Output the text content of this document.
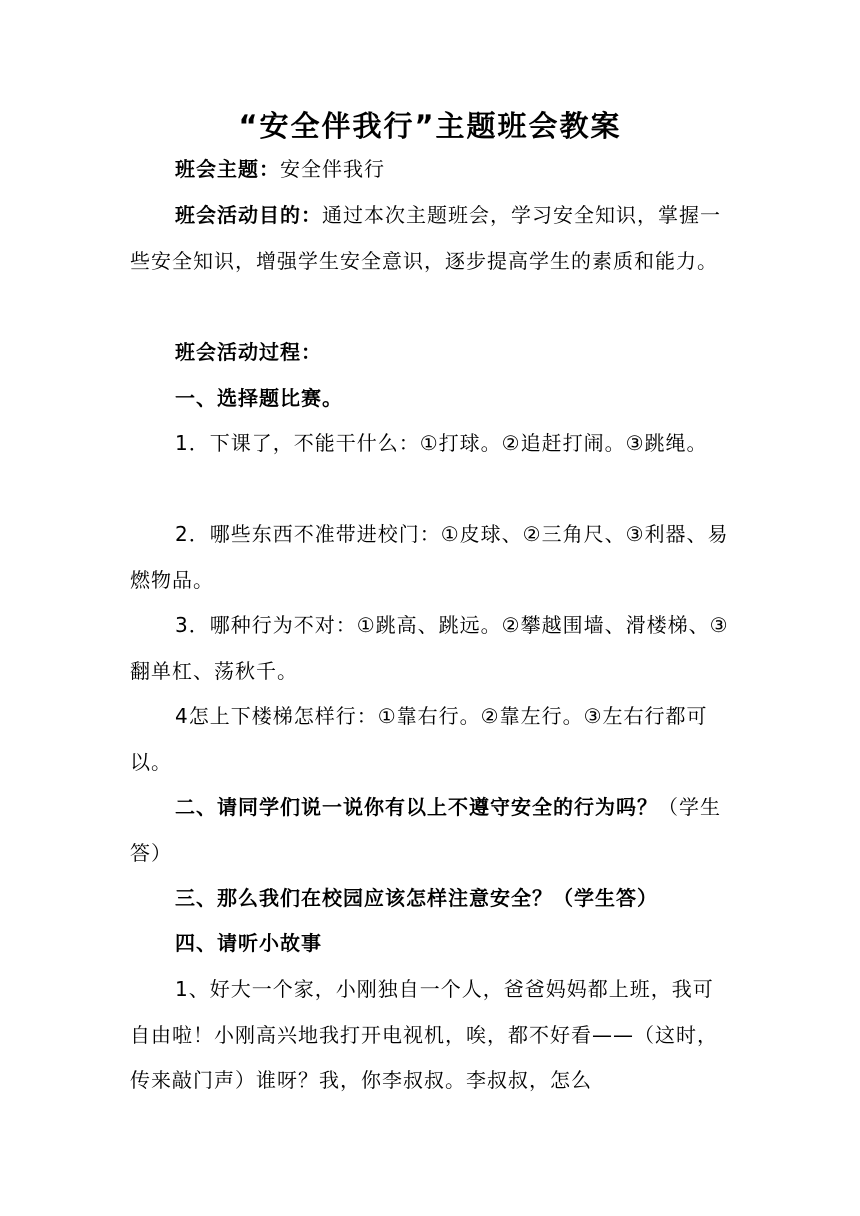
“安全伴我行”主题班会教案

班会主题：安全伴我行

班会活动目的：通过本次主题班会，学习安全知识，掌握一些安全知识，增强学生安全意识，逐步提高学生的素质和能力。

班会活动过程：

一、选择题比赛。

1．下课了，不能干什么：①打球。②追赶打闹。③跳绳。

2．哪些东西不准带进校门：①皮球、②三角尺、③利器、易燃物品。

3．哪种行为不对：①跳高、跳远。②攀越围墙、滑楼梯、③翻单杠、荡秋千。

4怎上下楼梯怎样行：①靠右行。②靠左行。③左右行都可以。

二、请同学们说一说你有以上不遵守安全的行为吗？（学生答）

三、那么我们在校园应该怎样注意安全？（学生答）

四、请听小故事

1、好大一个家，小刚独自一个人，爸爸妈妈都上班，我可自由啦！小刚高兴地我打开电视机，唉，都不好看——（这时，传来敲门声）谁呀？我，你李叔叔。李叔叔，怎么
